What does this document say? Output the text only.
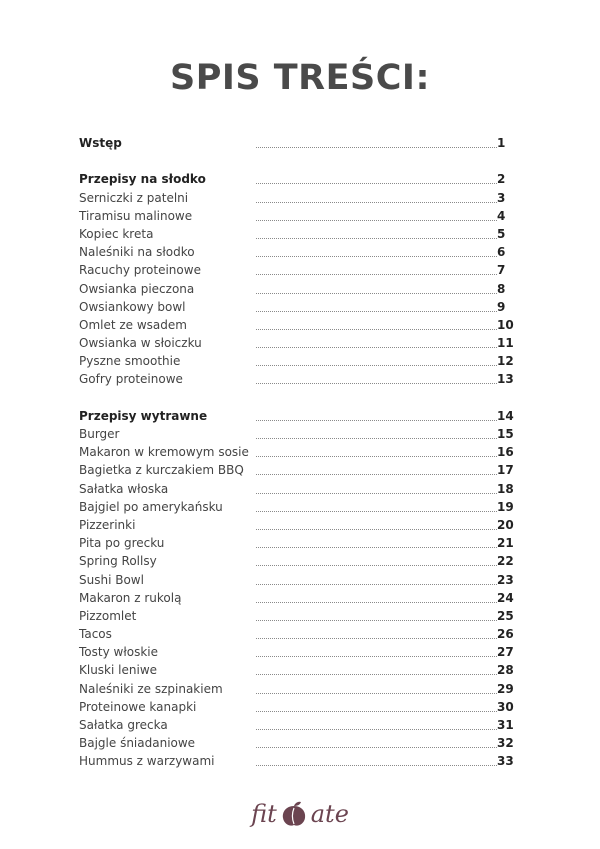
SPIS TREŚCI:
Wstęp	1
Przepisy na słodko	2
Serniczki z patelni	3
Tiramisu malinowe	4
Kopiec kreta	5
Naleśniki na słodko	6
Racuchy proteinowe	7
Owsianka pieczona	8
Owsiankowy bowl	9
Omlet ze wsadem	10
Owsianka w słoiczku	11
Pyszne smoothie	12
Gofry proteinowe	13
Przepisy wytrawne	14
Burger	15
Makaron w kremowym sosie	16
Bagietka z kurczakiem BBQ	17
Sałatka włoska	18
Bajgiel po amerykańsku	19
Pizzerinki	20
Pita po grecku	21
Spring Rollsy	22
Sushi Bowl	23
Makaron z rukolą	24
Pizzomlet	25
Tacos	26
Tosty włoskie	27
Kluski leniwe	28
Naleśniki ze szpinakiem	29
Proteinowe kanapki	30
Sałatka grecka	31
Bajgle śniadaniowe	32
Hummus z warzywami	33
fit ate
